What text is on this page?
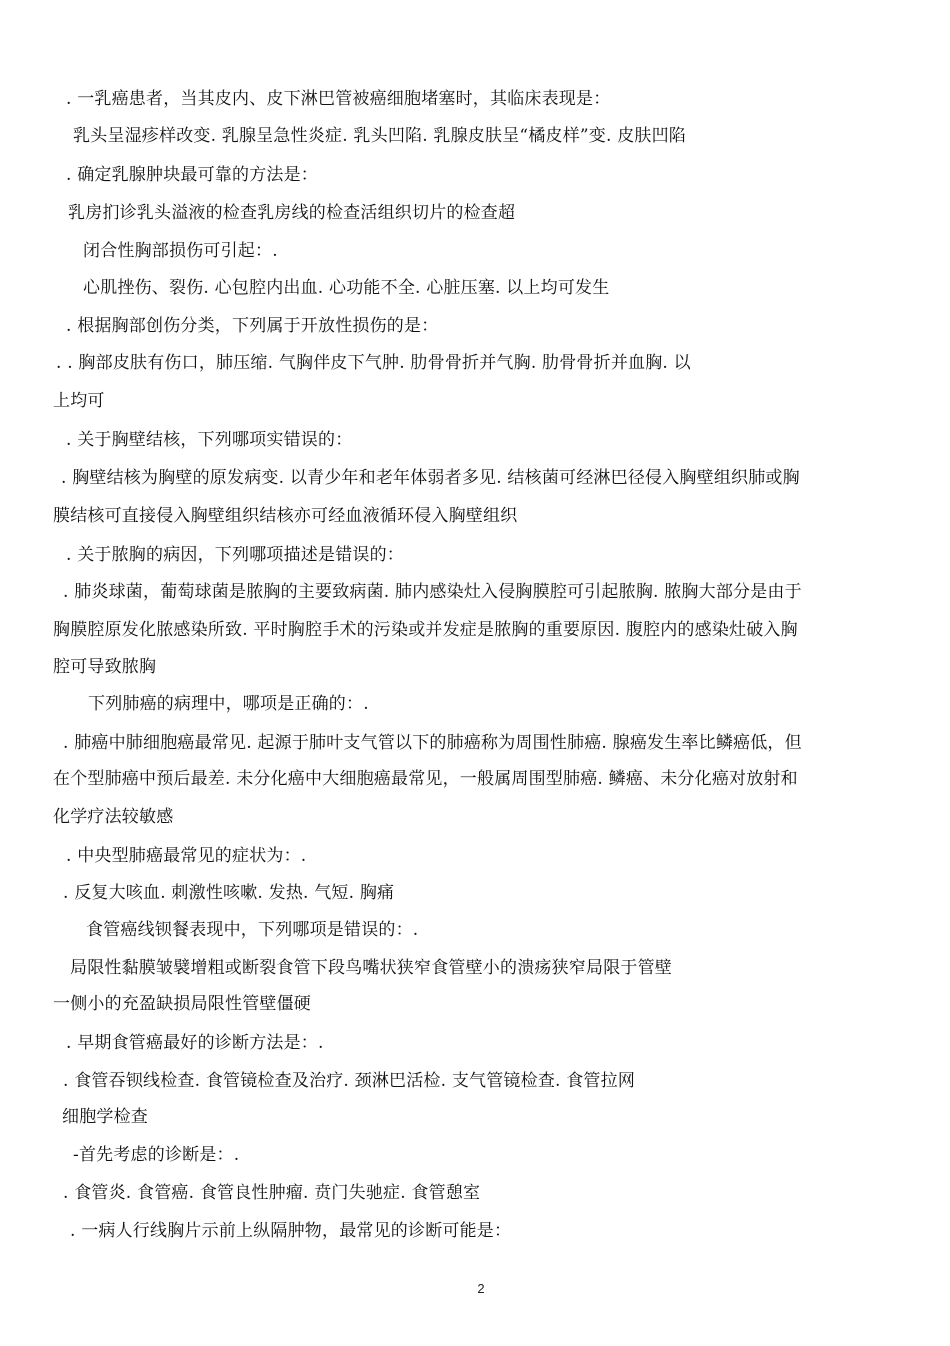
. 一乳癌患者，当其皮内、皮下淋巴管被癌细胞堵塞时，其临床表现是：
乳头呈湿疹样改变. 乳腺呈急性炎症. 乳头凹陷. 乳腺皮肤呈“橘皮样”变. 皮肤凹陷
. 确定乳腺肿块最可靠的方法是：
乳房扪诊乳头溢液的检查乳房线的检查活组织切片的检查超
闭合性胸部损伤可引起：.
心肌挫伤、裂伤. 心包腔内出血. 心功能不全. 心脏压塞. 以上均可发生
. 根据胸部创伤分类，下列属于开放性损伤的是：
. . 胸部皮肤有伤口，肺压缩. 气胸伴皮下气肿. 肋骨骨折并气胸. 肋骨骨折并血胸. 以
上均可
. 关于胸壁结核，下列哪项实错误的：
. 胸壁结核为胸壁的原发病变. 以青少年和老年体弱者多见. 结核菌可经淋巴径侵入胸壁组织肺或胸
膜结核可直接侵入胸壁组织结核亦可经血液循环侵入胸壁组织
. 关于脓胸的病因，下列哪项描述是错误的：
. 肺炎球菌，葡萄球菌是脓胸的主要致病菌. 肺内感染灶入侵胸膜腔可引起脓胸. 脓胸大部分是由于
胸膜腔原发化脓感染所致. 平时胸腔手术的污染或并发症是脓胸的重要原因. 腹腔内的感染灶破入胸
腔可导致脓胸
下列肺癌的病理中，哪项是正确的：.
. 肺癌中肺细胞癌最常见. 起源于肺叶支气管以下的肺癌称为周围性肺癌. 腺癌发生率比鳞癌低，但
在个型肺癌中预后最差. 未分化癌中大细胞癌最常见，一般属周围型肺癌. 鳞癌、未分化癌对放射和
化学疗法较敏感
. 中央型肺癌最常见的症状为：.
. 反复大咳血. 刺激性咳嗽. 发热. 气短. 胸痛
食管癌线钡餐表现中，下列哪项是错误的：.
局限性黏膜皱襞增粗或断裂食管下段鸟嘴状狭窄食管壁小的溃疡狭窄局限于管壁
一侧小的充盈缺损局限性管壁僵硬
. 早期食管癌最好的诊断方法是：.
. 食管吞钡线检查. 食管镜检查及治疗. 颈淋巴活检. 支气管镜检查. 食管拉网
细胞学检查
-首先考虑的诊断是：.
. 食管炎. 食管癌. 食管良性肿瘤. 贲门失驰症. 食管憩室
. 一病人行线胸片示前上纵隔肿物，最常见的诊断可能是：
2
